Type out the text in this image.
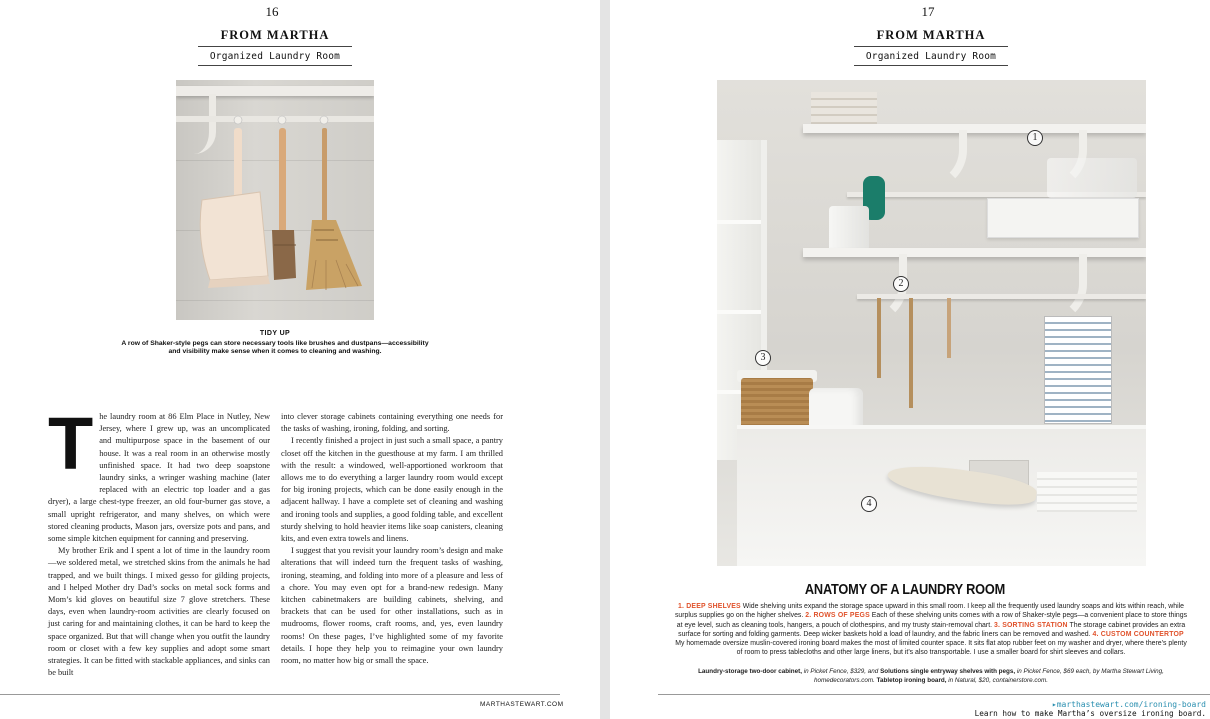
16
FROM MARTHA
Organized Laundry Room
TIDY UP
A row of Shaker-style pegs can store necessary tools like brushes and dustpans—accessibility and visibility make sense when it comes to cleaning and washing.
T he laundry room at 86 Elm Place in Nutley, New Jersey, where I grew up, was an uncomplicated and multipurpose space in the basement of our house. It was a real room in an otherwise mostly unfinished space. It had two deep soapstone laundry sinks, a wringer washing machine (later replaced with an electric top loader and a gas dryer), a large chest-type freezer, an old four-burner gas stove, a small upright refrigerator, and many shelves, on which were stored cleaning products, Mason jars, oversize pots and pans, and some simple kitchen equipment for canning and preserving.

My brother Erik and I spent a lot of time in the laundry room—we soldered metal, we stretched skins from the animals he had trapped, and we built things. I mixed gesso for gilding projects, and I helped Mother dry Dad’s socks on metal sock forms and Mom’s kid gloves on beautiful size 7 glove stretchers. These days, even when laundry-room activities are clearly focused on just caring for and maintaining clothes, it can be hard to keep the space organized. But that will change when you outfit the laundry room or closet with a few key supplies and adopt some smart strategies. It can be fitted with stackable appliances, and sinks can be built

into clever storage cabinets containing everything one needs for the tasks of washing, ironing, folding, and sorting.

I recently finished a project in just such a small space, a pantry closet off the kitchen in the guesthouse at my farm. I am thrilled with the result: a windowed, well-apportioned workroom that allows me to do everything a larger laundry room would except for big ironing projects, which can be done easily enough in the adjacent hallway. I have a complete set of cleaning and washing and ironing tools and supplies, a good folding table, and excellent sturdy shelving to hold heavier items like soap canisters, cleaning kits, and even extra towels and linens.

I suggest that you revisit your laundry room’s design and make alterations that will indeed turn the frequent tasks of washing, ironing, steaming, and folding into more of a pleasure and less of a chore. You may even opt for a brand-new redesign. Many kitchen cabinetmakers are building cabinets, shelving, and brackets that can be used for other installations, such as in mudrooms, flower rooms, craft rooms, and, yes, even laundry rooms! On these pages, I’ve highlighted some of my favorite details. I hope they help you to reimagine your own laundry room, no matter how big or small the space.

MARTHASTEWART.COM
17
FROM MARTHA
Organized Laundry Room
1
2
3
4
ANATOMY OF A LAUNDRY ROOM
1. DEEP SHELVES Wide shelving units expand the storage space upward in this small room. I keep all the frequently used laundry soaps and kits within reach, while surplus supplies go on the higher shelves. 2. ROWS OF PEGS Each of these shelving units comes with a row of Shaker-style pegs—a convenient place to store things at eye level, such as cleaning tools, hangers, a pouch of clothespins, and my trusty stain-removal chart. 3. SORTING STATION The storage cabinet provides an extra surface for sorting and folding garments. Deep wicker baskets hold a load of laundry, and the fabric liners can be removed and washed. 4. CUSTOM COUNTERTOP My homemade oversize muslin-covered ironing board makes the most of limited counter space. It sits flat atop rubber feet on my washer and dryer, where there’s plenty of room to press tablecloths and other large linens, but it’s also transportable. I use a smaller board for shirt sleeves and collars.
Laundry-storage two-door cabinet, in Picket Fence, $329, and Solutions single entryway shelves with pegs, in Picket Fence, $69 each, by Martha Stewart Living, homedecorators.com. Tabletop ironing board, in Natural, $20, containerstore.com.
▸marthastewart.com/ironing-board
Learn how to make Martha’s oversize ironing board.
